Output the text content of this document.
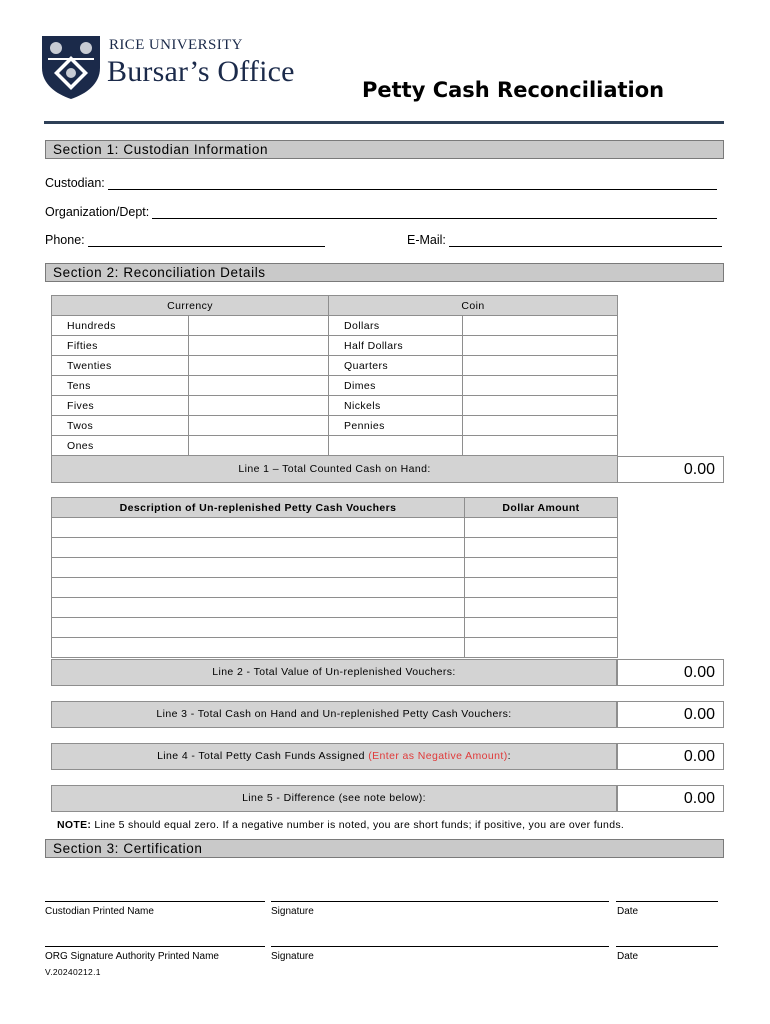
RICE UNIVERSITY
Bursar’s Office
Petty Cash Reconciliation
Section 1: Custodian Information
Custodian:
Organization/Dept:
Phone:	E-Mail:
Section 2: Reconciliation Details
Currency		Coin	
Hundreds		Dollars	
Fifties		Half Dollars	
Twenties		Quarters	
Tens		Dimes	
Fives		Nickels	
Twos		Pennies	
Ones			
Line 1 – Total Counted Cash on Hand:				0.00
Description of Un-replenished Petty Cash Vouchers	Dollar Amount

Line 2 - Total Value of Un-replenished Vouchers:	0.00
Line 3 - Total Cash on Hand and Un-replenished Petty Cash Vouchers:	0.00
Line 4 - Total Petty Cash Funds Assigned (Enter as Negative Amount):	0.00
Line 5 - Difference (see note below):	0.00
NOTE: Line 5 should equal zero. If a negative number is noted, you are short funds; if positive, you are over funds.
Section 3: Certification
Custodian Printed Name	Signature	Date
ORG Signature Authority Printed Name	Signature	Date
V.20240212.1
